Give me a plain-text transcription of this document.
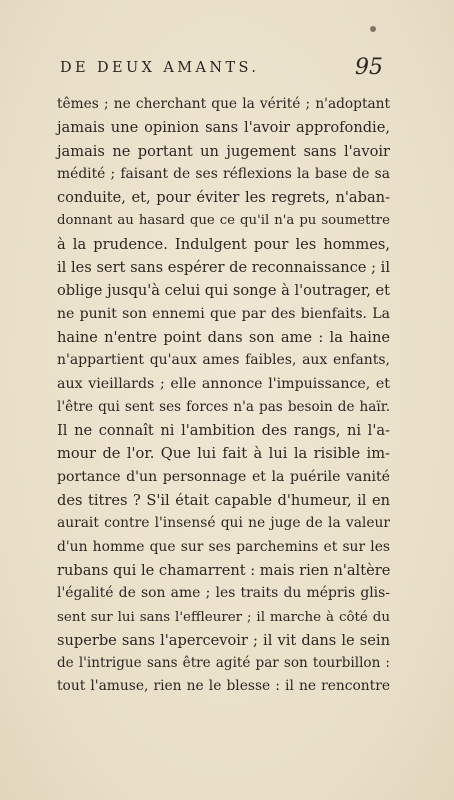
DE DEUX AMANTS.	95
têmes ; ne cherchant que la vérité ; n'adoptant
jamais une opinion sans l'avoir approfondie,
jamais ne portant un jugement sans l'avoir
médité ; faisant de ses réflexions la base de sa
conduite, et, pour éviter les regrets, n'aban-
donnant au hasard que ce qu'il n'a pu soumettre
à la prudence. Indulgent pour les hommes,
il les sert sans espérer de reconnaissance ; il
oblige jusqu'à celui qui songe à l'outrager, et
ne punit son ennemi que par des bienfaits. La
haine n'entre point dans son ame : la haine
n'appartient qu'aux ames faibles, aux enfants,
aux vieillards ; elle annonce l'impuissance, et
l'être qui sent ses forces n'a pas besoin de haïr.
Il ne connaît ni l'ambition des rangs, ni l'a-
mour de l'or. Que lui fait à lui la risible im-
portance d'un personnage et la puérile vanité
des titres ? S'il était capable d'humeur, il en
aurait contre l'insensé qui ne juge de la valeur
d'un homme que sur ses parchemins et sur les
rubans qui le chamarrent : mais rien n'altère
l'égalité de son ame ; les traits du mépris glis-
sent sur lui sans l'effleurer ; il marche à côté du
superbe sans l'apercevoir ; il vit dans le sein
de l'intrigue sans être agité par son tourbillon :
tout l'amuse, rien ne le blesse : il ne rencontre
